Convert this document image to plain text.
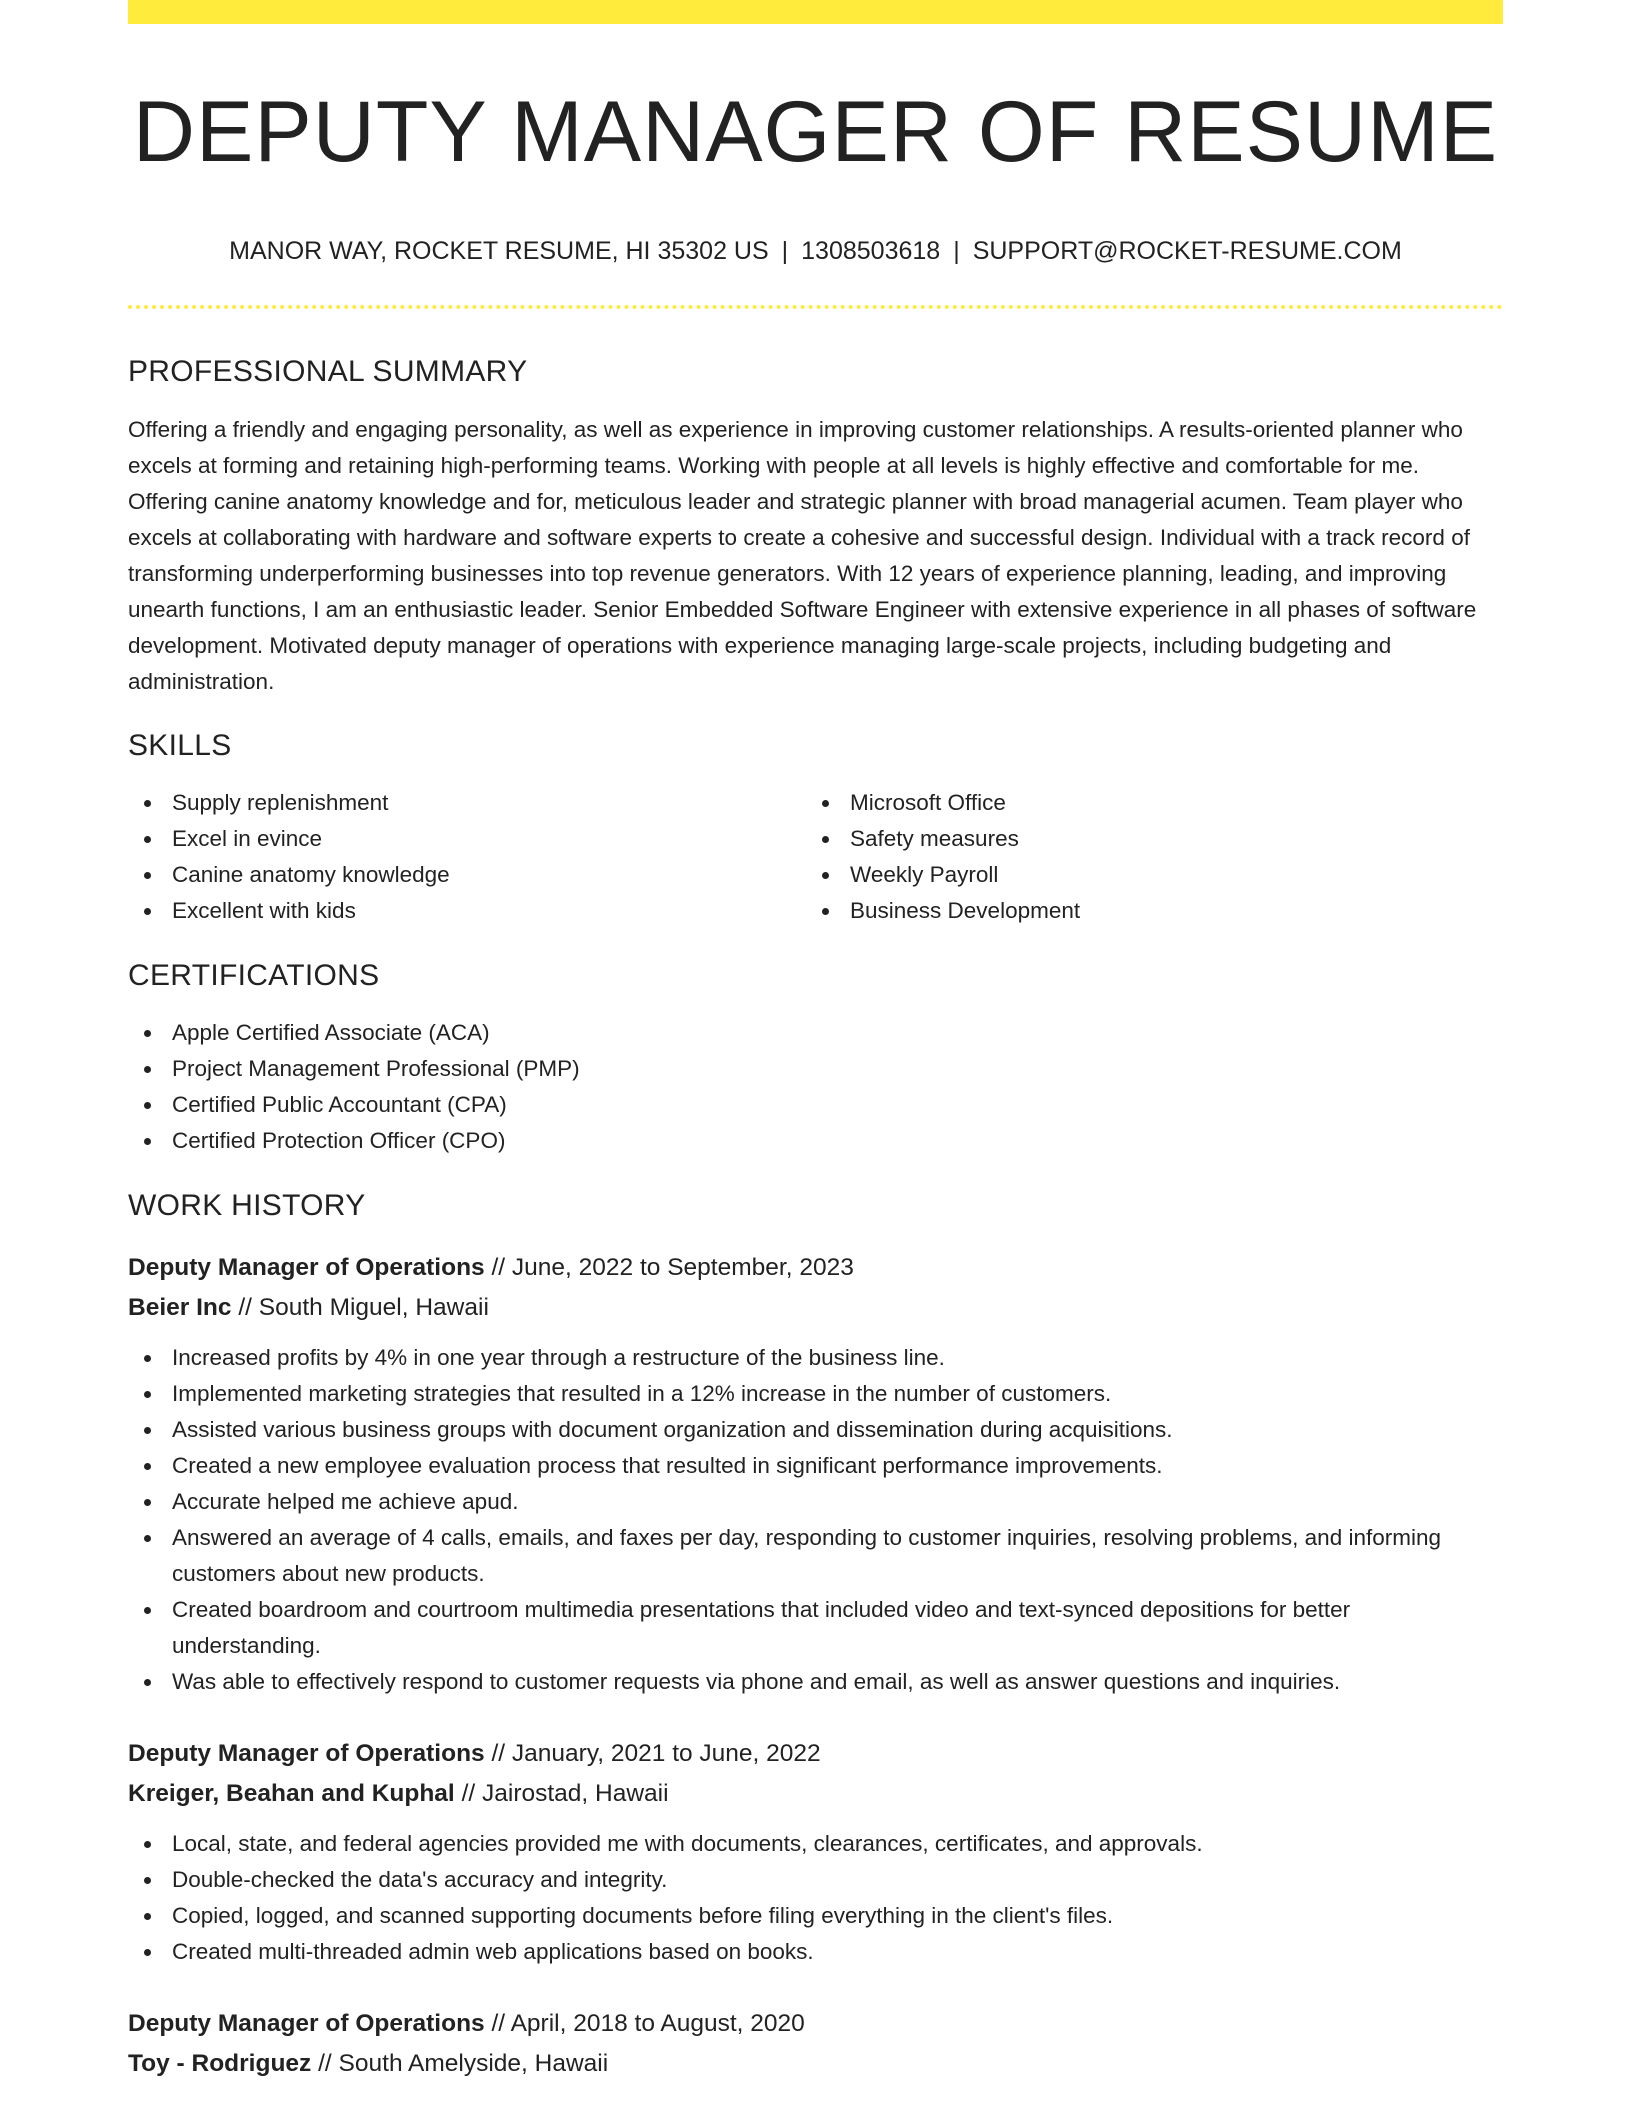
DEPUTY MANAGER OF RESUME
MANOR WAY, ROCKET RESUME, HI 35302 US | 1308503618 | SUPPORT@ROCKET-RESUME.COM
PROFESSIONAL SUMMARY

Offering a friendly and engaging personality, as well as experience in improving customer relationships. A results-oriented planner who excels at forming and retaining high-performing teams. Working with people at all levels is highly effective and comfortable for me. Offering canine anatomy knowledge and for, meticulous leader and strategic planner with broad managerial acumen. Team player who excels at collaborating with hardware and software experts to create a cohesive and successful design. Individual with a track record of transforming underperforming businesses into top revenue generators. With 12 years of experience planning, leading, and improving unearth functions, I am an enthusiastic leader. Senior Embedded Software Engineer with extensive experience in all phases of software development. Motivated deputy manager of operations with experience managing large-scale projects, including budgeting and administration.

SKILLS
Supply replenishment
Excel in evince
Canine anatomy knowledge
Excellent with kids
Microsoft Office
Safety measures
Weekly Payroll
Business Development
CERTIFICATIONS
Apple Certified Associate (ACA)
Project Management Professional (PMP)
Certified Public Accountant (CPA)
Certified Protection Officer (CPO)
WORK HISTORY
Deputy Manager of Operations // June, 2022 to September, 2023
Beier Inc // South Miguel, Hawaii
Increased profits by 4% in one year through a restructure of the business line.
Implemented marketing strategies that resulted in a 12% increase in the number of customers.
Assisted various business groups with document organization and dissemination during acquisitions.
Created a new employee evaluation process that resulted in significant performance improvements.
Accurate helped me achieve apud.
Answered an average of 4 calls, emails, and faxes per day, responding to customer inquiries, resolving problems, and informing customers about new products.
Created boardroom and courtroom multimedia presentations that included video and text-synced depositions for better understanding.
Was able to effectively respond to customer requests via phone and email, as well as answer questions and inquiries.
Deputy Manager of Operations // January, 2021 to June, 2022
Kreiger, Beahan and Kuphal // Jairostad, Hawaii
Local, state, and federal agencies provided me with documents, clearances, certificates, and approvals.
Double-checked the data's accuracy and integrity.
Copied, logged, and scanned supporting documents before filing everything in the client's files.
Created multi-threaded admin web applications based on books.
Deputy Manager of Operations // April, 2018 to August, 2020
Toy - Rodriguez // South Amelyside, Hawaii
